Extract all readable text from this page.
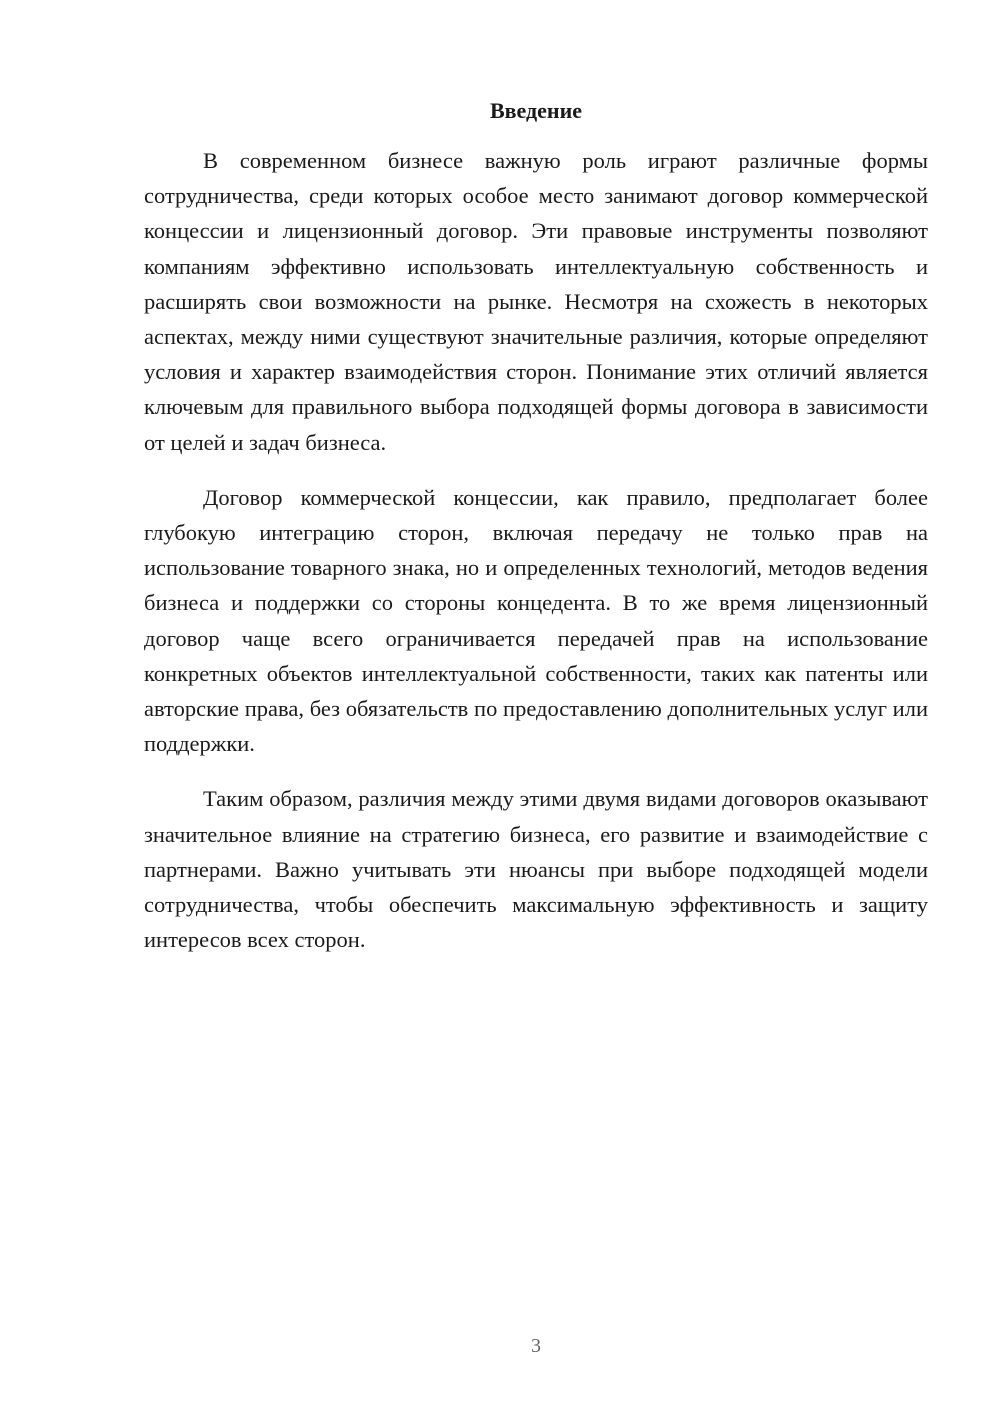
Введение

В современном бизнесе важную роль играют различные формы сотрудничества, среди которых особое место занимают договор коммерческой концессии и лицензионный договор. Эти правовые инструменты позволяют компаниям эффективно использовать интеллектуальную собственность и расширять свои возможности на рынке. Несмотря на схожесть в некоторых аспектах, между ними существуют значительные различия, которые определяют условия и характер взаимодействия сторон. Понимание этих отличий является ключевым для правильного выбора подходящей формы договора в зависимости от целей и задач бизнеса.

Договор коммерческой концессии, как правило, предполагает более глубокую интеграцию сторон, включая передачу не только прав на использование товарного знака, но и определенных технологий, методов ведения бизнеса и поддержки со стороны концедента. В то же время лицензионный договор чаще всего ограничивается передачей прав на использование конкретных объектов интеллектуальной собственности, таких как патенты или авторские права, без обязательств по предоставлению дополнительных услуг или поддержки.

Таким образом, различия между этими двумя видами договоров оказывают значительное влияние на стратегию бизнеса, его развитие и взаимодействие с партнерами. Важно учитывать эти нюансы при выборе подходящей модели сотрудничества, чтобы обеспечить максимальную эффективность и защиту интересов всех сторон.

3
